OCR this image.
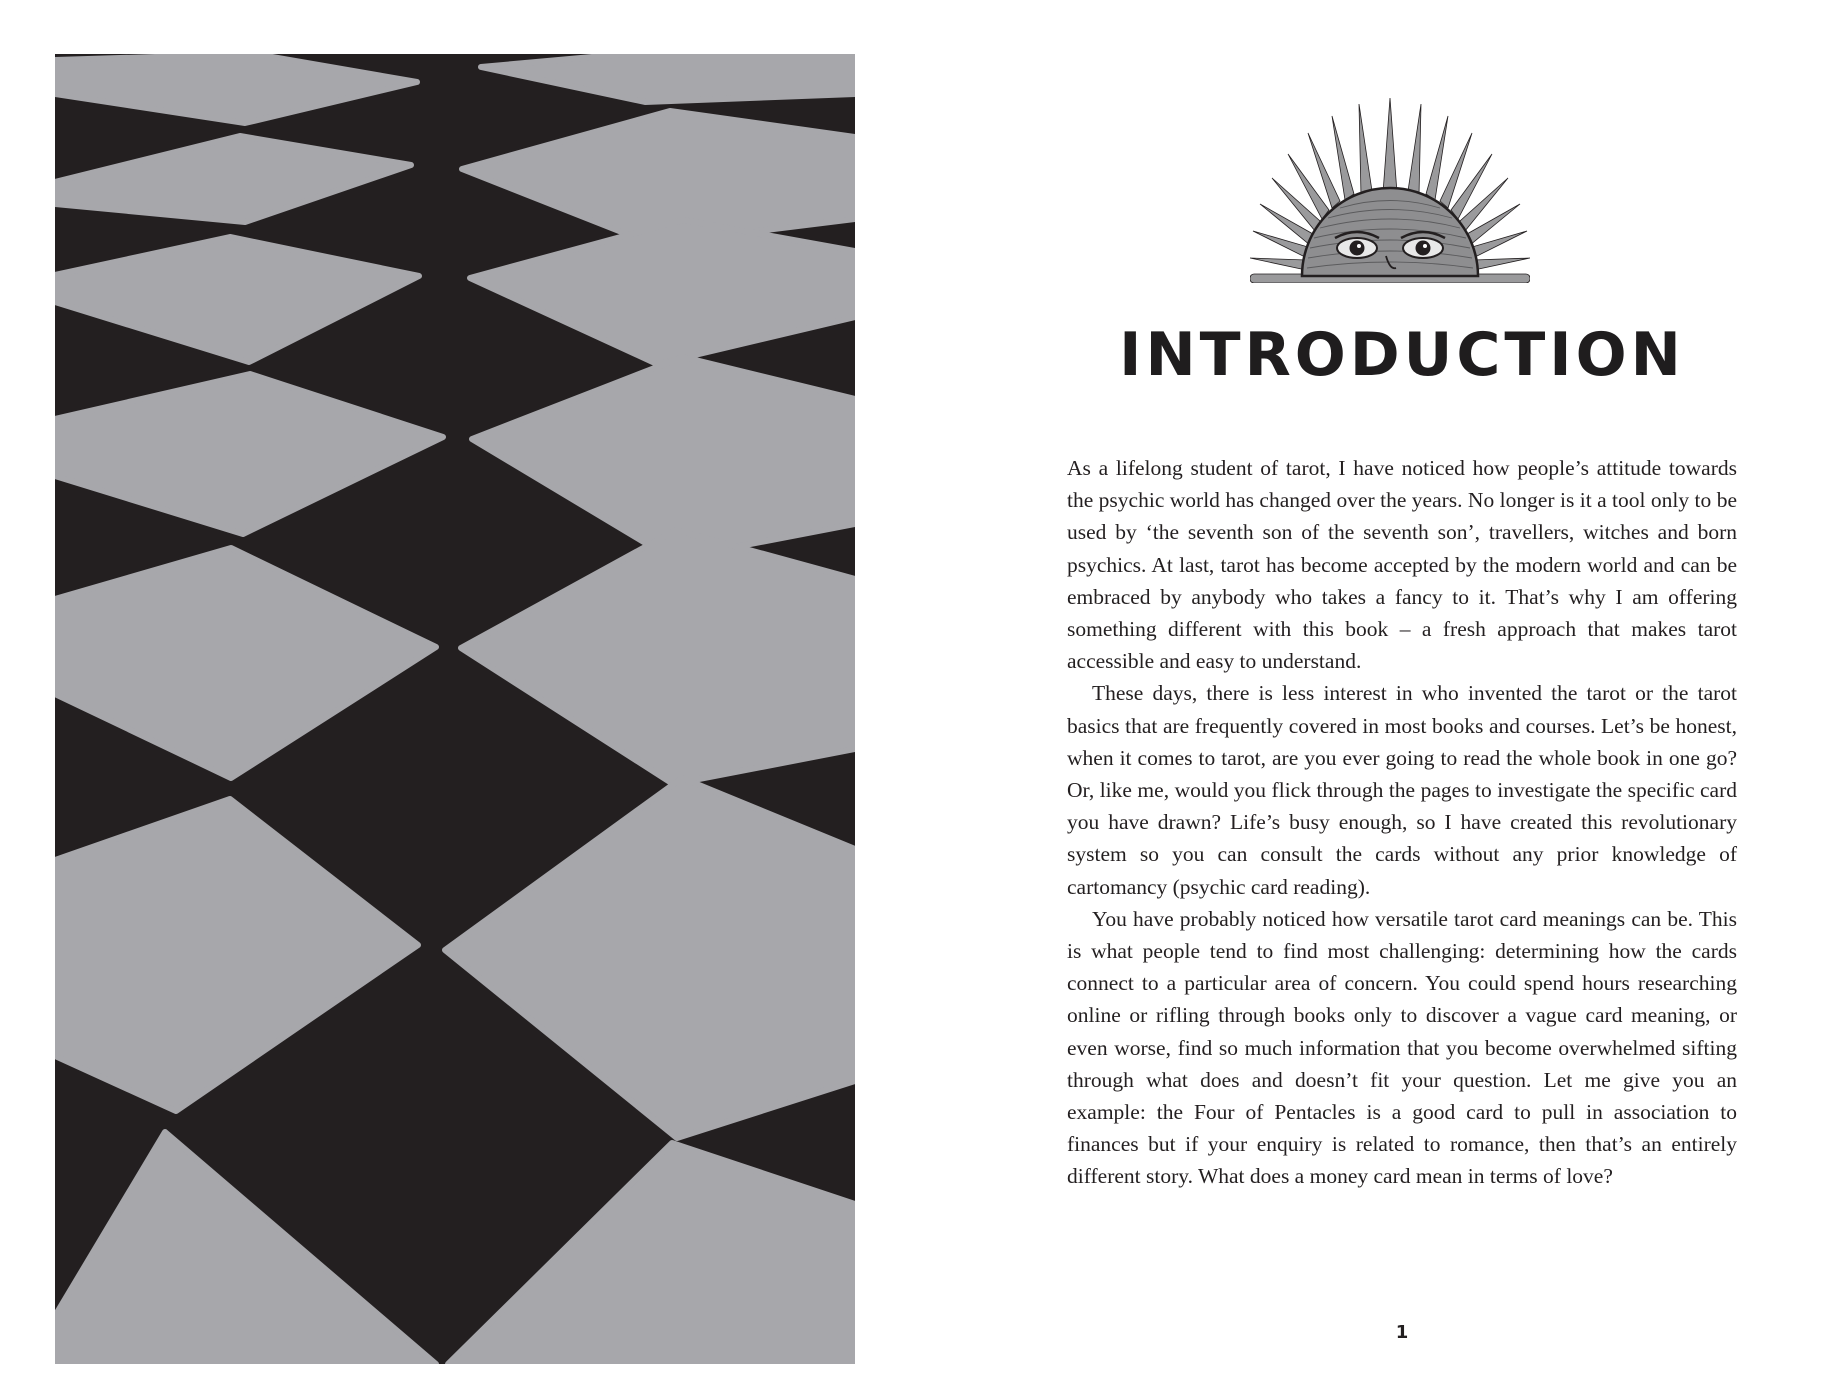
INTRODUCTION

As a lifelong student of tarot, I have noticed how people’s attitude towards the psychic world has changed over the years. No longer is it a tool only to be used by ‘the seventh son of the seventh son’, travellers, witches and born psychics. At last, tarot has become accepted by the modern world and can be embraced by anybody who takes a fancy to it. That’s why I am offering something different with this book – a fresh approach that makes tarot accessible and easy to understand.

These days, there is less interest in who invented the tarot or the tarot basics that are frequently covered in most books and courses. Let’s be honest, when it comes to tarot, are you ever going to read the whole book in one go? Or, like me, would you flick through the pages to investigate the specific card you have drawn? Life’s busy enough, so I have created this revolutionary system so you can consult the cards without any prior knowledge of cartomancy (psychic card reading).

You have probably noticed how versatile tarot card meanings can be. This is what people tend to find most challenging: determining how the cards connect to a particular area of concern. You could spend hours researching online or rifling through books only to discover a vague card meaning, or even worse, find so much information that you become overwhelmed sifting through what does and doesn’t fit your question. Let me give you an example: the Four of Pentacles is a good card to pull in association to finances but if your enquiry is related to romance, then that’s an entirely different story. What does a money card mean in terms of love?

1
